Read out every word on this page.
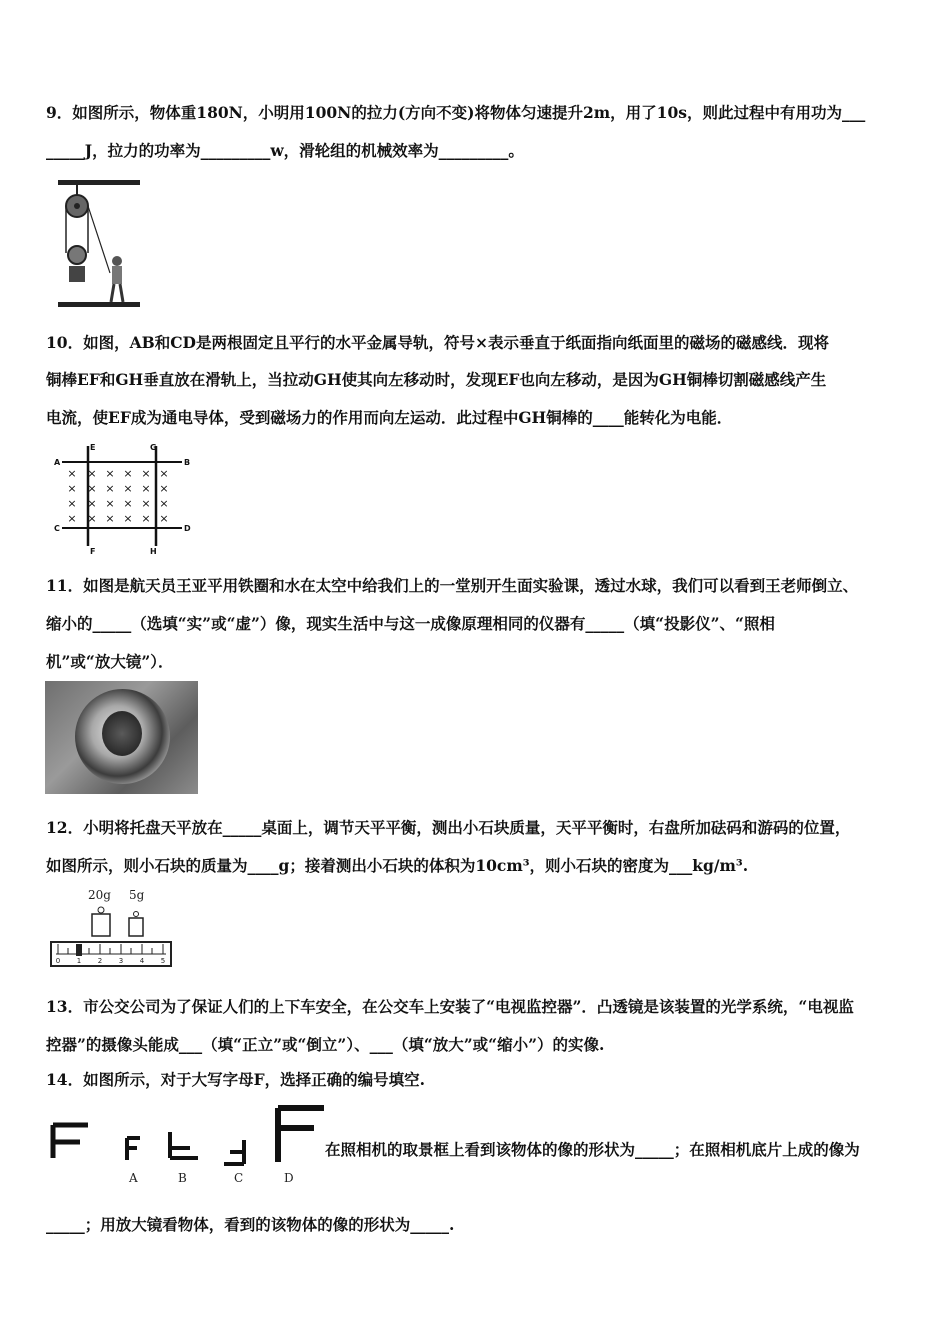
9．如图所示，物体重180N，小明用100N的拉力(方向不变)将物体匀速提升2m，用了10s，则此过程中有用功为___
_____J，拉力的功率为_________w，滑轮组的机械效率为_________。
10．如图，AB和CD是两根固定且平行的水平金属导轨，符号×表示垂直于纸面指向纸面里的磁场的磁感线．现将
铜棒EF和GH垂直放在滑轨上，当拉动GH使其向左移动时，发现EF也向左移动，是因为GH铜棒切割磁感线产生
电流，使EF成为通电导体，受到磁场力的作用而向左运动．此过程中GH铜棒的____能转化为电能．
× × × × × ×
× × × × × ×
× × × × × ×
× × × × × ×
A	B
C	D
E
F
G
H
11．如图是航天员王亚平用铁圈和水在太空中给我们上的一堂别开生面实验课，透过水球，我们可以看到王老师倒立、
缩小的_____（选填“实”或“虚”）像，现实生活中与这一成像原理相同的仪器有_____（填“投影仪”、“照相
机”或“放大镜”）．
12．小明将托盘天平放在_____桌面上，调节天平平衡，测出小石块质量，天平平衡时，右盘所加砝码和游码的位置，
如图所示，则小石块的质量为____g；接着测出小石块的体积为10cm³，则小石块的密度为___kg/m³.
20g 5g
0 1 2 3 4 5
13．市公交公司为了保证人们的上下车安全，在公交车上安装了“电视监控器”．凸透镜是该装置的光学系统，“电视监
控器”的摄像头能成___（填“正立”或“倒立”）、___（填“放大”或“缩小”）的实像.
14．如图所示，对于大写字母F，选择正确的编号填空.
A	B	C	D
在照相机的取景框上看到该物体的像的形状为_____；在照相机底片上成的像为
_____；用放大镜看物体，看到的该物体的像的形状为_____.
